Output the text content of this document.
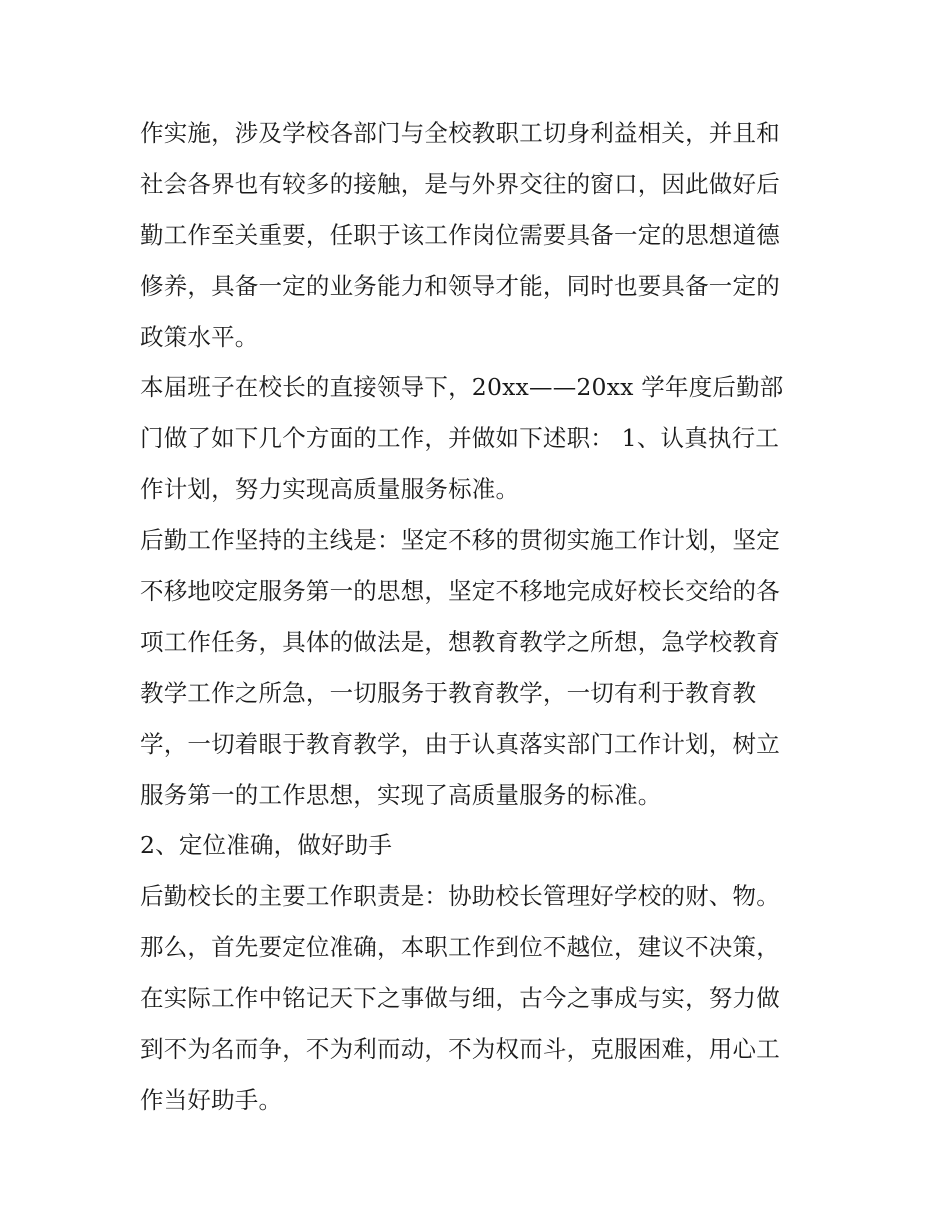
作实施，涉及学校各部门与全校教职工切身利益相关，并且和
社会各界也有较多的接触，是与外界交往的窗口，因此做好后
勤工作至关重要，任职于该工作岗位需要具备一定的思想道德
修养，具备一定的业务能力和领导才能，同时也要具备一定的
政策水平。
本届班子在校长的直接领导下，20xx——20xx 学年度后勤部
门做了如下几个方面的工作，并做如下述职： 1、认真执行工
作计划，努力实现高质量服务标准。
后勤工作坚持的主线是：坚定不移的贯彻实施工作计划，坚定
不移地咬定服务第一的思想，坚定不移地完成好校长交给的各
项工作任务，具体的做法是，想教育教学之所想，急学校教育
教学工作之所急，一切服务于教育教学，一切有利于教育教
学，一切着眼于教育教学，由于认真落实部门工作计划，树立
服务第一的工作思想，实现了高质量服务的标准。
2、定位准确，做好助手
后勤校长的主要工作职责是：协助校长管理好学校的财、物。
那么，首先要定位准确，本职工作到位不越位，建议不决策，
在实际工作中铭记天下之事做与细，古今之事成与实，努力做
到不为名而争，不为利而动，不为权而斗，克服困难，用心工
作当好助手。
